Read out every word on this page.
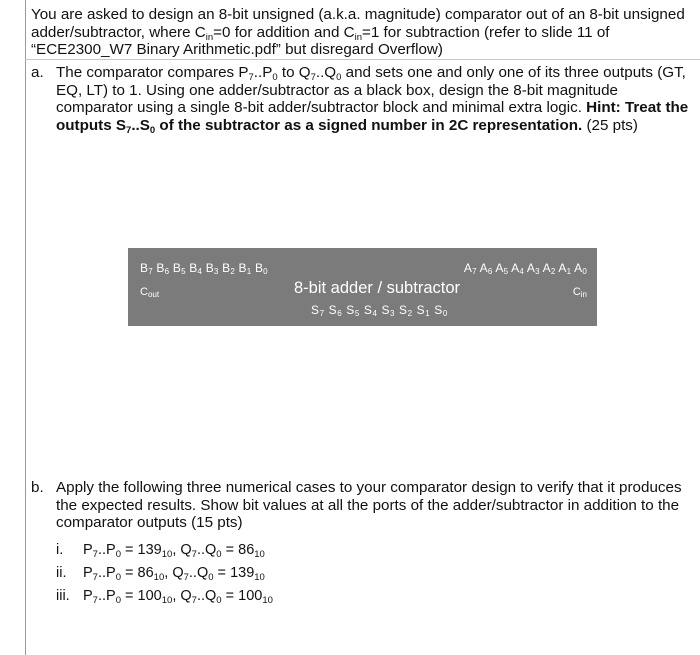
You are asked to design an 8-bit unsigned (a.k.a. magnitude) comparator out of an 8-bit unsigned adder/subtractor, where $C_{in}=0$ for addition and $C_{in}=1$ for subtraction (refer to slide 11 of “ECE2300_W7 Binary Arithmetic.pdf” but disregard Overflow)
a. The comparator compares $P_7..P_0$ to $Q_7..Q_0$ and sets one and only one of its three outputs (GT, EQ, LT) to 1. Using one adder/subtractor as a black box, design the 8-bit magnitude comparator using a single 8-bit adder/subtractor block and minimal extra logic. Hint: Treat the outputs $S_7..S_0$ of the subtractor as a signed number in 2C representation. (25 pts)
$B_7$ $B_6$ $B_5$ $B_4$ $B_3$ $B_2$ $B_1$ $B_0$	$A_7$ $A_6$ $A_5$ $A_4$ $A_3$ $A_2$ $A_1$ $A_0$
$C_{out}$	$C_{in}$
8-bit adder / subtractor
$S_7$ $S_6$ $S_5$ $S_4$ $S_3$ $S_2$ $S_1$ $S_0$
b. Apply the following three numerical cases to your comparator design to verify that it produces the expected results. Show bit values at all the ports of the adder/subtractor in addition to the comparator outputs (15 pts)
i.	$P_7..P_0 = 139_{10}$, $Q_7..Q_0 = 86_{10}$
ii.	$P_7..P_0 = 86_{10}$, $Q_7..Q_0 = 139_{10}$
iii. $P_7..P_0 = 100_{10}$, $Q_7..Q_0 = 100_{10}$
